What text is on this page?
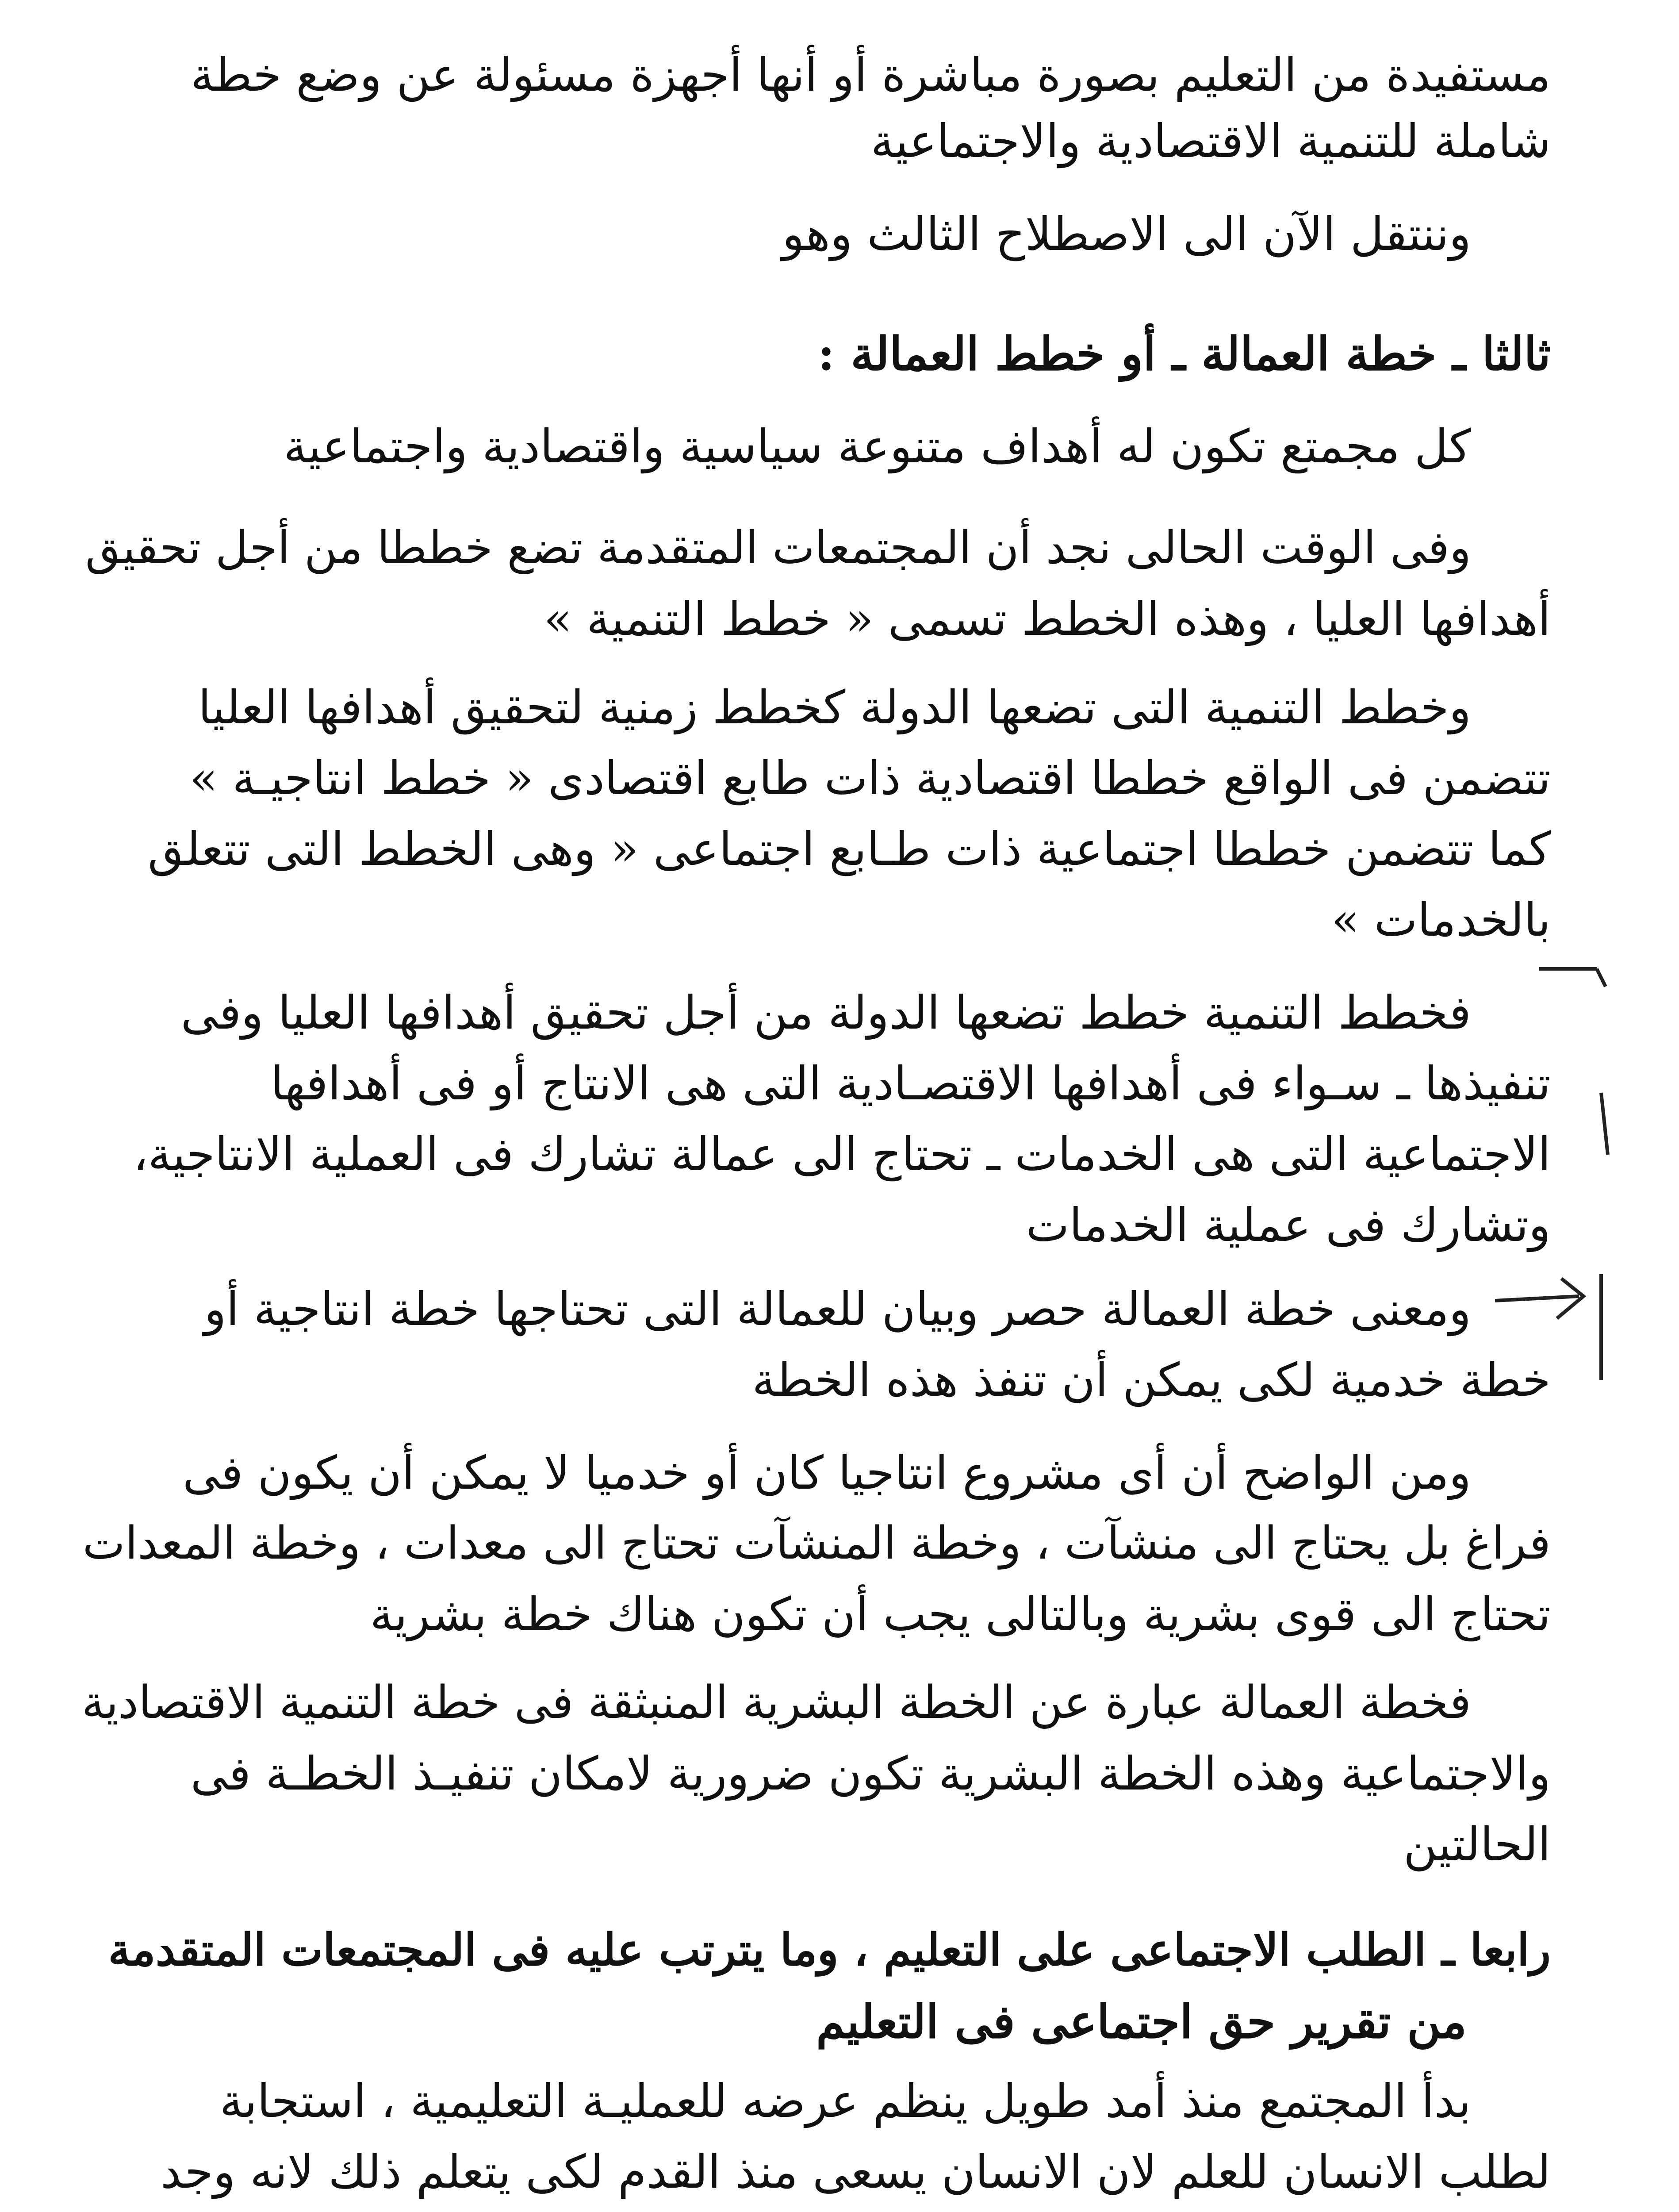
مستفيدة من التعليم بصورة مباشرة أو أنها أجهزة مسئولة عن وضع خطة
شاملة للتنمية الاقتصادية والاجتماعية
وننتقل الآن الى الاصطلاح الثالث وهو
ثالثا ـ خطة العمالة ـ أو خطط العمالة :
كل مجمتع تكون له أهداف متنوعة سياسية واقتصادية واجتماعية
وفى الوقت الحالى نجد أن المجتمعات المتقدمة تضع خططا من أجل تحقيق
أهدافها العليا ، وهذه الخطط تسمى « خطط التنمية »
وخطط التنمية التى تضعها الدولة كخطط زمنية لتحقيق أهدافها العليا
تتضمن فى الواقع خططا اقتصادية ذات طابع اقتصادى « خطط انتاجيـة »
كما تتضمن خططا اجتماعية ذات طـابع اجتماعى « وهى الخطط التى تتعلق
بالخدمات »
فخطط التنمية خطط تضعها الدولة من أجل تحقيق أهدافها العليا وفى
تنفيذها ـ سـواء فى أهدافها الاقتصـادية التى هى الانتاج أو فى أهدافها
الاجتماعية التى هى الخدمات ـ تحتاج الى عمالة تشارك فى العملية الانتاجية،
وتشارك فى عملية الخدمات
ومعنى خطة العمالة حصر وبيان للعمالة التى تحتاجها خطة انتاجية أو
خطة خدمية لكى يمكن أن تنفذ هذه الخطة
ومن الواضح أن أى مشروع انتاجيا كان أو خدميا لا يمكن أن يكون فى
فراغ بل يحتاج الى منشآت ، وخطة المنشآت تحتاج الى معدات ، وخطة المعدات
تحتاج الى قوى بشرية وبالتالى يجب أن تكون هناك خطة بشرية
فخطة العمالة عبارة عن الخطة البشرية المنبثقة فى خطة التنمية الاقتصادية
والاجتماعية وهذه الخطة البشرية تكون ضرورية لامكان تنفيـذ الخطـة فى
الحالتين
رابعا ـ الطلب الاجتماعى على التعليم ، وما يترتب عليه فى المجتمعات المتقدمة
من تقرير حق اجتماعى فى التعليم
بدأ المجتمع منذ أمد طويل ينظم عرضه للعمليـة التعليمية ، استجابة
لطلب الانسان للعلم لان الانسان يسعى منذ القدم لكى يتعلم ذلك لانه وجد
